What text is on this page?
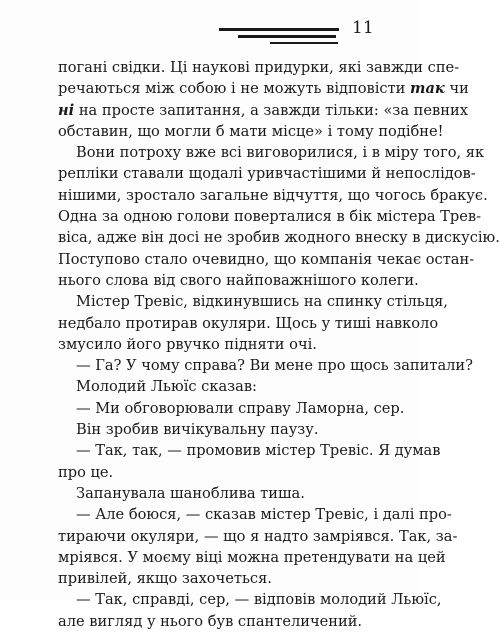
11
погані свідки. Ці наукові придурки, які завжди спе-
речаються між собою і не можуть відповісти так чи
ні на просте запитання, а завжди тільки: «за певних
обставин, що могли б мати місце» і тому подібне!
Вони потроху вже всі виговорилися, і в міру того, як
репліки ставали щодалі уривчастішими й непослідов-
нішими, зростало загальне відчуття, що чогось бракує.
Одна за одною голови поверталися в бік містера Трев-
віса, адже він досі не зробив жодного внеску в дискусію.
Поступово стало очевидно, що компанія чекає остан-
нього слова від свого найповажнішого колеги.
Містер Тревіс, відкинувшись на спинку стільця,
недбало протирав окуляри. Щось у тиші навколо
змусило його рвучко підняти очі.
— Га? У чому справа? Ви мене про щось запитали?
Молодий Льюїс сказав:
— Ми обговорювали справу Ламорна, сер.
Він зробив вичікувальну паузу.
— Так, так, — промовив містер Тревіс. Я думав
про це.
Запанувала шаноблива тиша.
— Але боюся, — сказав містер Тревіс, і далі про-
тираючи окуляри, — що я надто замріявся. Так, за-
мріявся. У моєму віці можна претендувати на цей
привілей, якщо захочеться.
— Так, справді, сер, — відповів молодий Льюїс,
але вигляд у нього був спантеличений.
